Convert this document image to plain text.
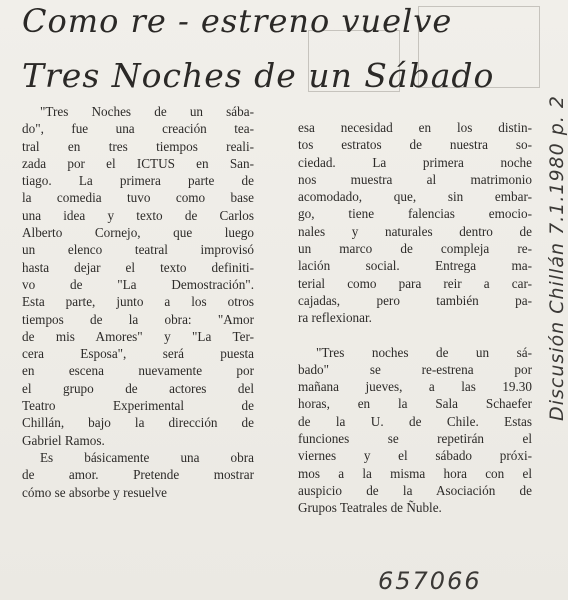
Como re - estreno vuelve
Tres Noches de un Sábado
"Tres Noches de un sába-
do", fue una creación tea-
tral en tres tiempos reali-
zada por el ICTUS en San-
tiago. La primera parte de
la comedia tuvo como base
una idea y texto de Carlos
Alberto Cornejo, que luego
un elenco teatral improvisó
hasta dejar el texto definiti-
vo de "La Demostración".
Esta parte, junto a los otros
tiempos de la obra: "Amor
de mis Amores" y "La Ter-
cera Esposa", será puesta
en escena nuevamente por
el grupo de actores del
Teatro Experimental de
Chillán, bajo la dirección de
Gabriel Ramos.
Es básicamente una obra
de amor. Pretende mostrar
cómo se absorbe y resuelve
esa necesidad en los distin-
tos estratos de nuestra so-
ciedad. La primera noche
nos muestra al matrimonio
acomodado, que, sin embar-
go, tiene falencias emocio-
nales y naturales dentro de
un marco de compleja re-
lación social. Entrega ma-
terial como para reir a car-
cajadas, pero también pa-
ra reflexionar.
"Tres noches de un sá-
bado" se re-estrena por
mañana jueves, a las 19.30
horas, en la Sala Schaefer
de la U. de Chile. Estas
funciones se repetirán el
viernes y el sábado próxi-
mos a la misma hora con el
auspicio de la Asociación de
Grupos Teatrales de Ñuble.
Discusión Chillán 7.1.1980 p. 2
657066
